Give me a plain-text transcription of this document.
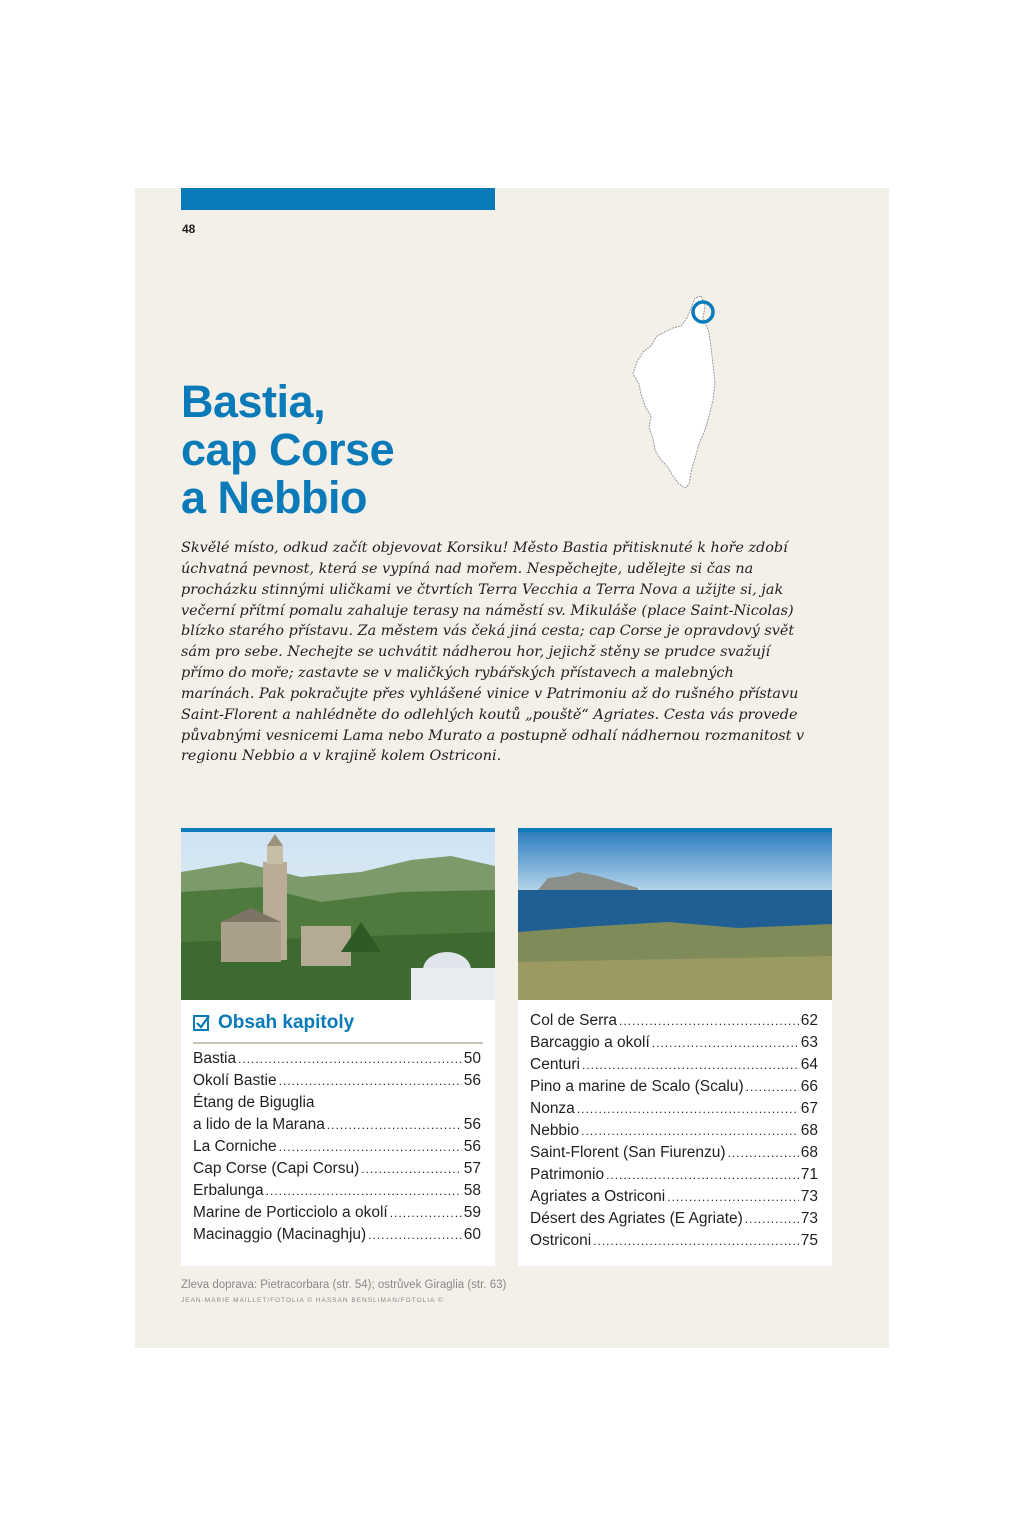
48
Bastia,
cap Corse
a Nebbio

Skvělé místo, odkud začít objevovat Korsiku! Město Bastia přitisknuté k hoře zdobí úchvatná pevnost, která se vypíná nad mořem. Nespěchejte, udělejte si čas na procházku stinnými uličkami ve čtvrtích Terra Vecchia a Terra Nova a užijte si, jak večerní přítmí pomalu zahaluje terasy na náměstí sv. Mikuláše (place Saint-Nicolas) blízko starého přístavu. Za městem vás čeká jiná cesta; cap Corse je opravdový svět sám pro sebe. Nechejte se uchvátit nádherou hor, jejichž stěny se prudce svažují přímo do moře; zastavte se v maličkých rybářských přístavech a malebných marínách. Pak pokračujte přes vyhlášené vinice v Patrimoniu až do rušného přístavu Saint-Florent a nahlédněte do odlehlých koutů „pouště“ Agriates. Cesta vás provede půvabnými vesnicemi Lama nebo Murato a postupně odhalí nádhernou rozmanitost v regionu Nebbio a v krajině kolem Ostriconi.

Obsah kapitoly
Bastia .....	50
Okolí Bastie .....	56
Étang de Biguglia
a lido de la Marana .....	56
La Corniche .....	56
Cap Corse (Capi Corsu) .....	57
Erbalunga .....	58
Marine de Porticciolo a okolí .....	59
Macinaggio (Macinaghju) .....	60
Col de Serra .....	62
Barcaggio a okolí .....	63
Centuri .....	64
Pino a marine de Scalo (Scalu) .....	66
Nonza .....	67
Nebbio .....	68
Saint-Florent (San Fiurenzu) .....	68
Patrimonio .....	71
Agriates a Ostriconi .....	73
Désert des Agriates (E Agriate) .....	73
Ostriconi .....	75
Zleva doprava: Pietracorbara (str. 54); ostrůvek Giraglia (str. 63)
JEAN-MARIE MAILLET/FOTOLIA © HASSAN BENSLIMAN/FOTOLIA ©
